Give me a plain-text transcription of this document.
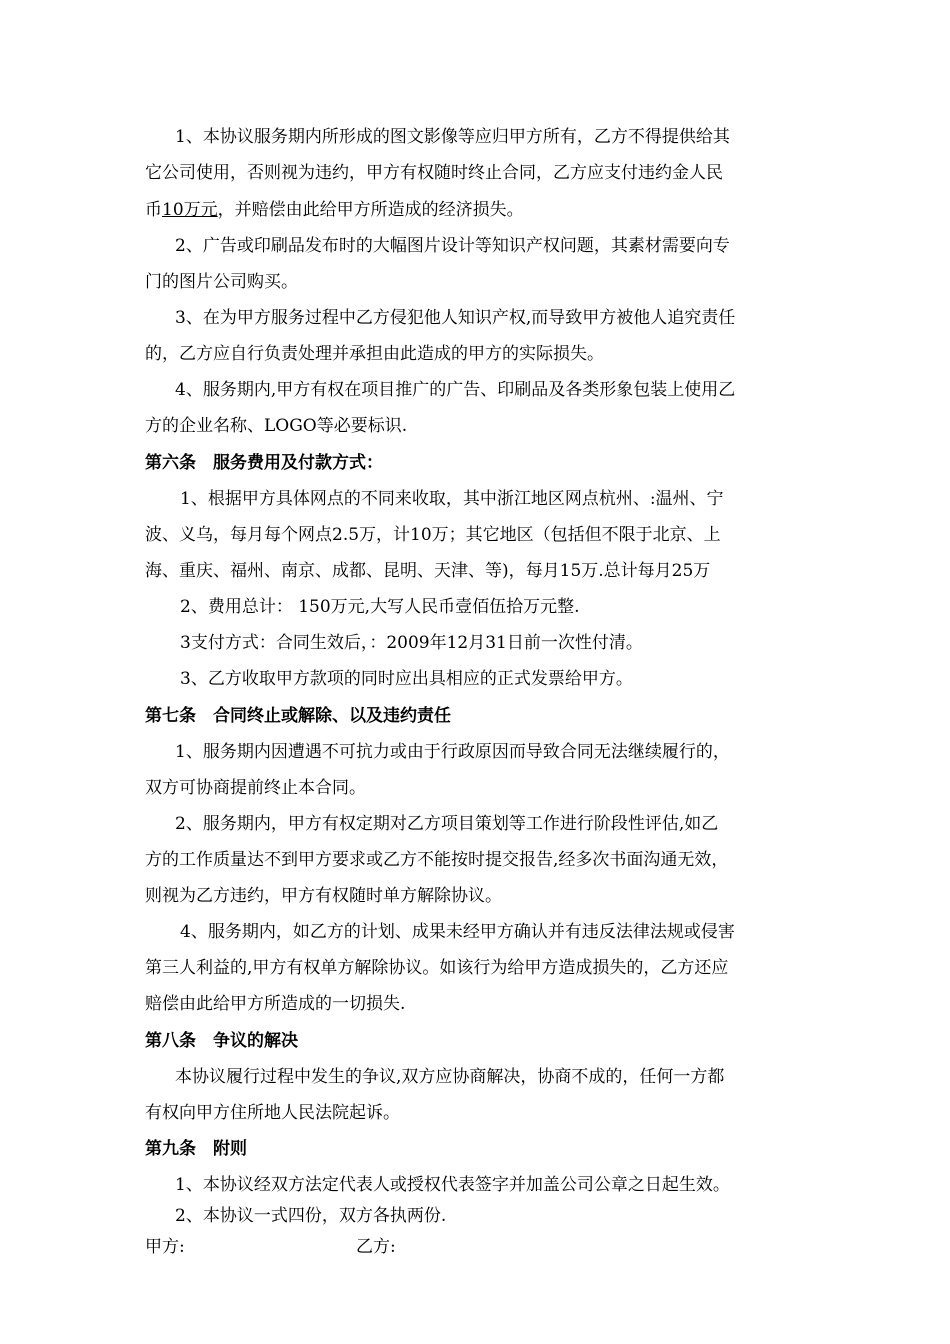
1、本协议服务期内所形成的图文影像等应归甲方所有，乙方不得提供给其
它公司使用，否则视为违约，甲方有权随时终止合同，乙方应支付违约金人民
币10万元，并赔偿由此给甲方所造成的经济损失。
2、广告或印刷品发布时的大幅图片设计等知识产权问题，其素材需要向专
门的图片公司购买。
3、在为甲方服务过程中乙方侵犯他人知识产权,而导致甲方被他人追究责任
的，乙方应自行负责处理并承担由此造成的甲方的实际损失。
4、服务期内,甲方有权在项目推广的广告、印刷品及各类形象包装上使用乙
方的企业名称、LOGO等必要标识.
第六条　服务费用及付款方式：
1、根据甲方具体网点的不同来收取，其中浙江地区网点杭州、:温州、宁
波、义乌，每月每个网点2.5万，计10万；其它地区（包括但不限于北京、上
海、重庆、福州、南京、成都、昆明、天津、等)，每月15万.总计每月25万
2、费用总计： 150万元,大写人民币壹佰伍拾万元整.
3支付方式：合同生效后，：2009年12月31日前一次性付清。
3、乙方收取甲方款项的同时应出具相应的正式发票给甲方。
第七条　合同终止或解除、以及违约责任
1、服务期内因遭遇不可抗力或由于行政原因而导致合同无法继续履行的，
双方可协商提前终止本合同。
2、服务期内，甲方有权定期对乙方项目策划等工作进行阶段性评估,如乙
方的工作质量达不到甲方要求或乙方不能按时提交报告,经多次书面沟通无效，
则视为乙方违约，甲方有权随时单方解除协议。
4、服务期内，如乙方的计划、成果未经甲方确认并有违反法律法规或侵害
第三人利益的,甲方有权单方解除协议。如该行为给甲方造成损失的，乙方还应
赔偿由此给甲方所造成的一切损失.
第八条　争议的解决
本协议履行过程中发生的争议,双方应协商解决，协商不成的，任何一方都
有权向甲方住所地人民法院起诉。
第九条　附则
1、本协议经双方法定代表人或授权代表签字并加盖公司公章之日起生效。
2、本协议一式四份，双方各执两份.
甲方:	乙方:
